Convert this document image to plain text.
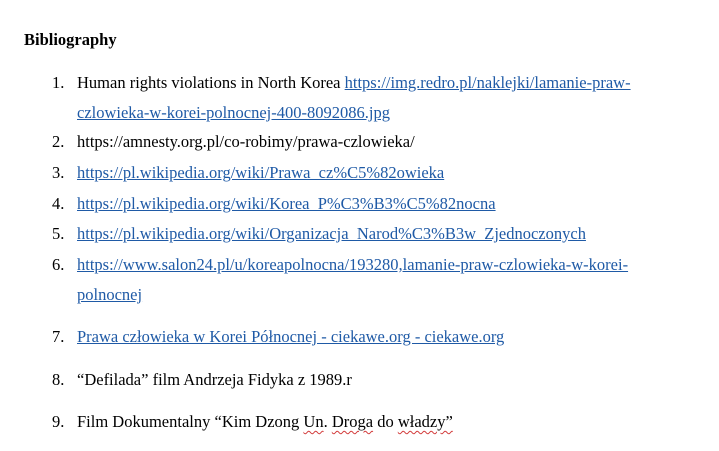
Bibliography
1. Human rights violations in North Korea https://img.redro.pl/naklejki/lamanie-praw-
czlowieka-w-korei-polnocnej-400-8092086.jpg
2. https://amnesty.org.pl/co-robimy/prawa-czlowieka/
3. https://pl.wikipedia.org/wiki/Prawa_cz%C5%82owieka
4. https://pl.wikipedia.org/wiki/Korea_P%C3%B3%C5%82nocna
5. https://pl.wikipedia.org/wiki/Organizacja_Narod%C3%B3w_Zjednoczonych
6. https://www.salon24.pl/u/koreapolnocna/193280,lamanie-praw-czlowieka-w-korei-
polnocnej
7. Prawa człowieka w Korei Północnej - ciekawe.org - ciekawe.org
8. “Defilada” film Andrzeja Fidyka z 1989.r
9. Film Dokumentalny “Kim Dzong Un. Droga do władzy”
